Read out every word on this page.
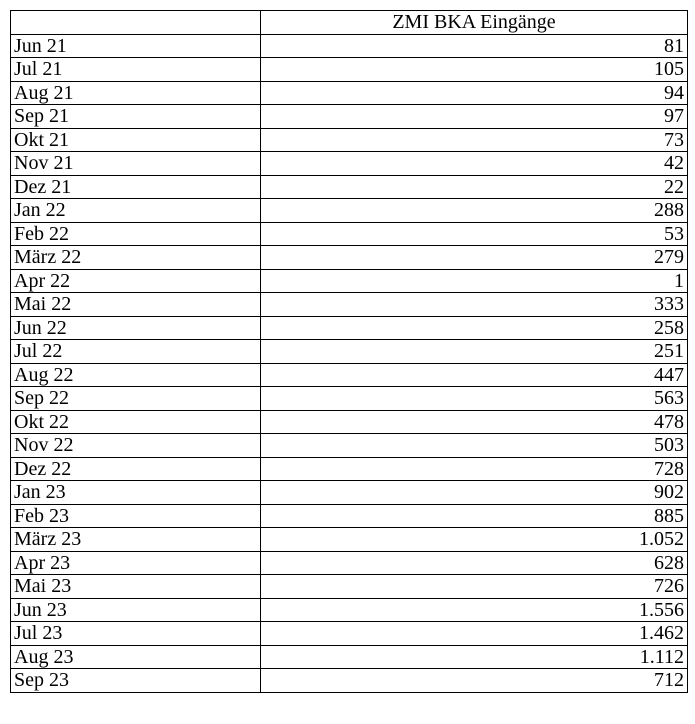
	ZMI BKA Eingänge
Jun 21	81
Jul 21	105
Aug 21	94
Sep 21	97
Okt 21	73
Nov 21	42
Dez 21	22
Jan 22	288
Feb 22	53
März 22	279
Apr 22	1
Mai 22	333
Jun 22	258
Jul 22	251
Aug 22	447
Sep 22	563
Okt 22	478
Nov 22	503
Dez 22	728
Jan 23	902
Feb 23	885
März 23	1.052
Apr 23	628
Mai 23	726
Jun 23	1.556
Jul 23	1.462
Aug 23	1.112
Sep 23	712
